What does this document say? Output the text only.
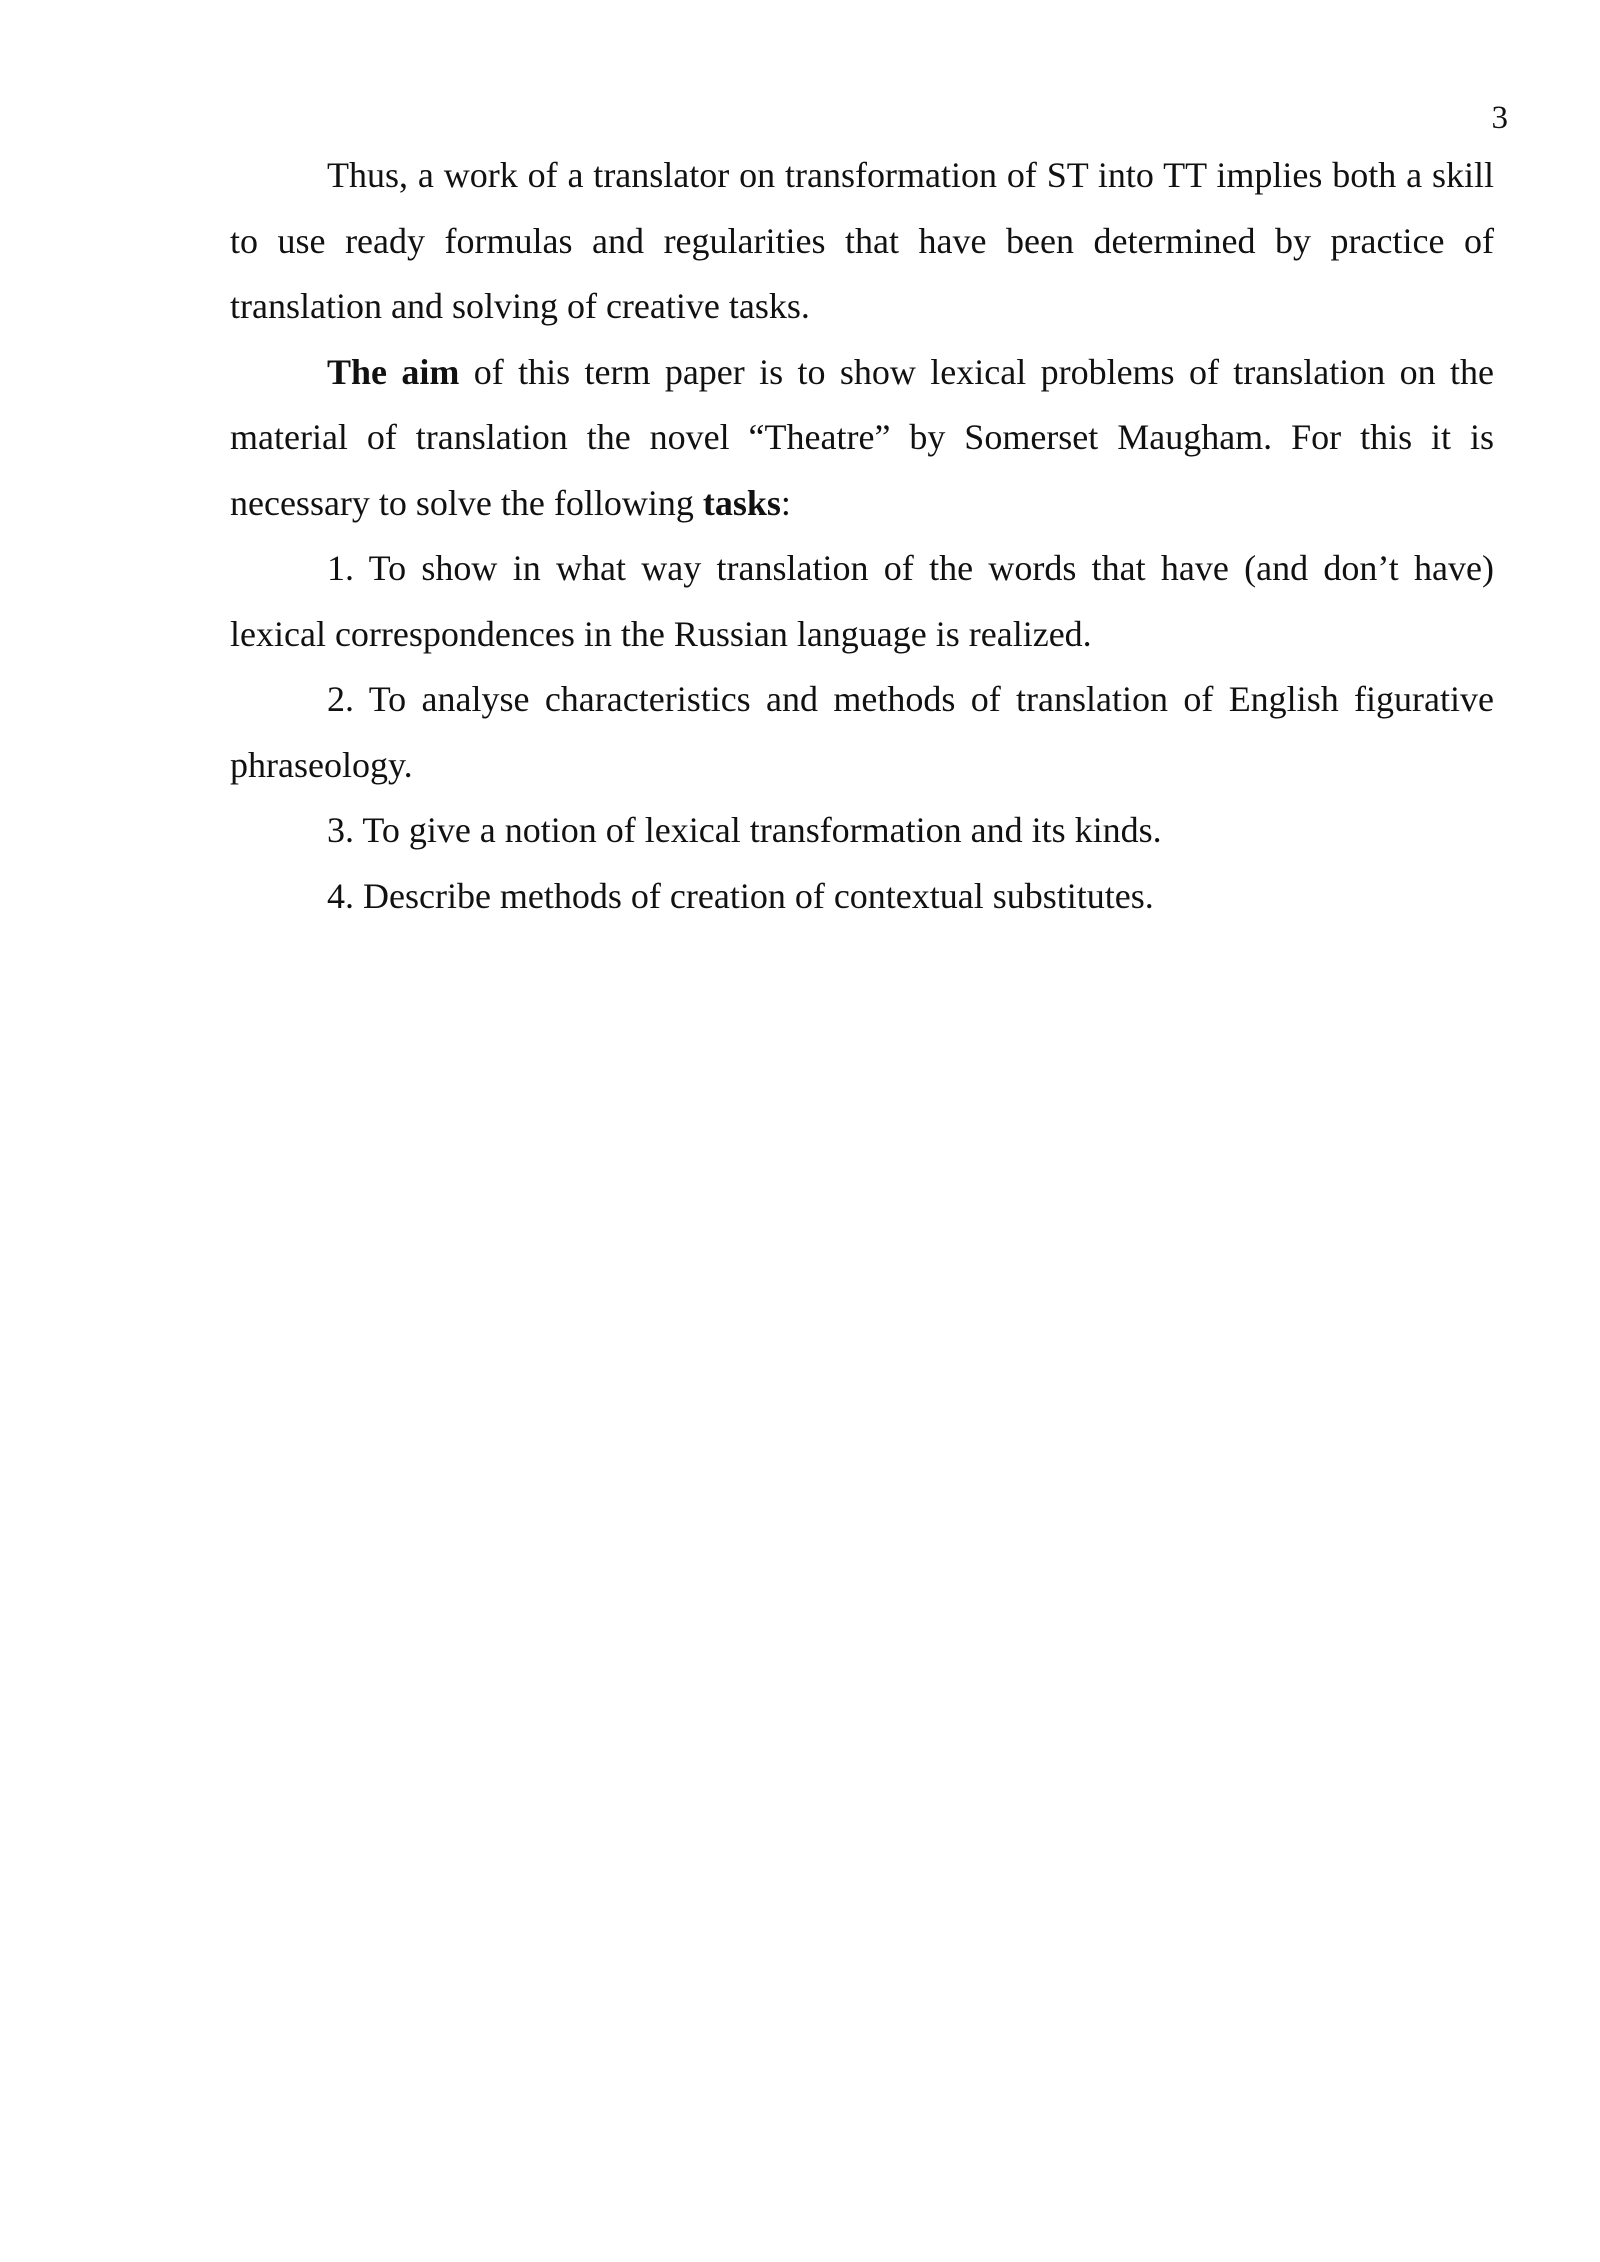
3

Thus, a work of a translator on transformation of ST into TT implies both a skill to use ready formulas and regularities that have been determined by practice of translation and solving of creative tasks.

The aim of this term paper is to show lexical problems of translation on the material of translation the novel “Theatre” by Somerset Maugham. For this it is necessary to solve the following tasks:

1. To show in what way translation of the words that have (and don’t have) lexical correspondences in the Russian language is realized.

2. To analyse characteristics and methods of translation of English figurative phraseology.

3. To give a notion of lexical transformation and its kinds.

4. Describe methods of creation of contextual substitutes.
